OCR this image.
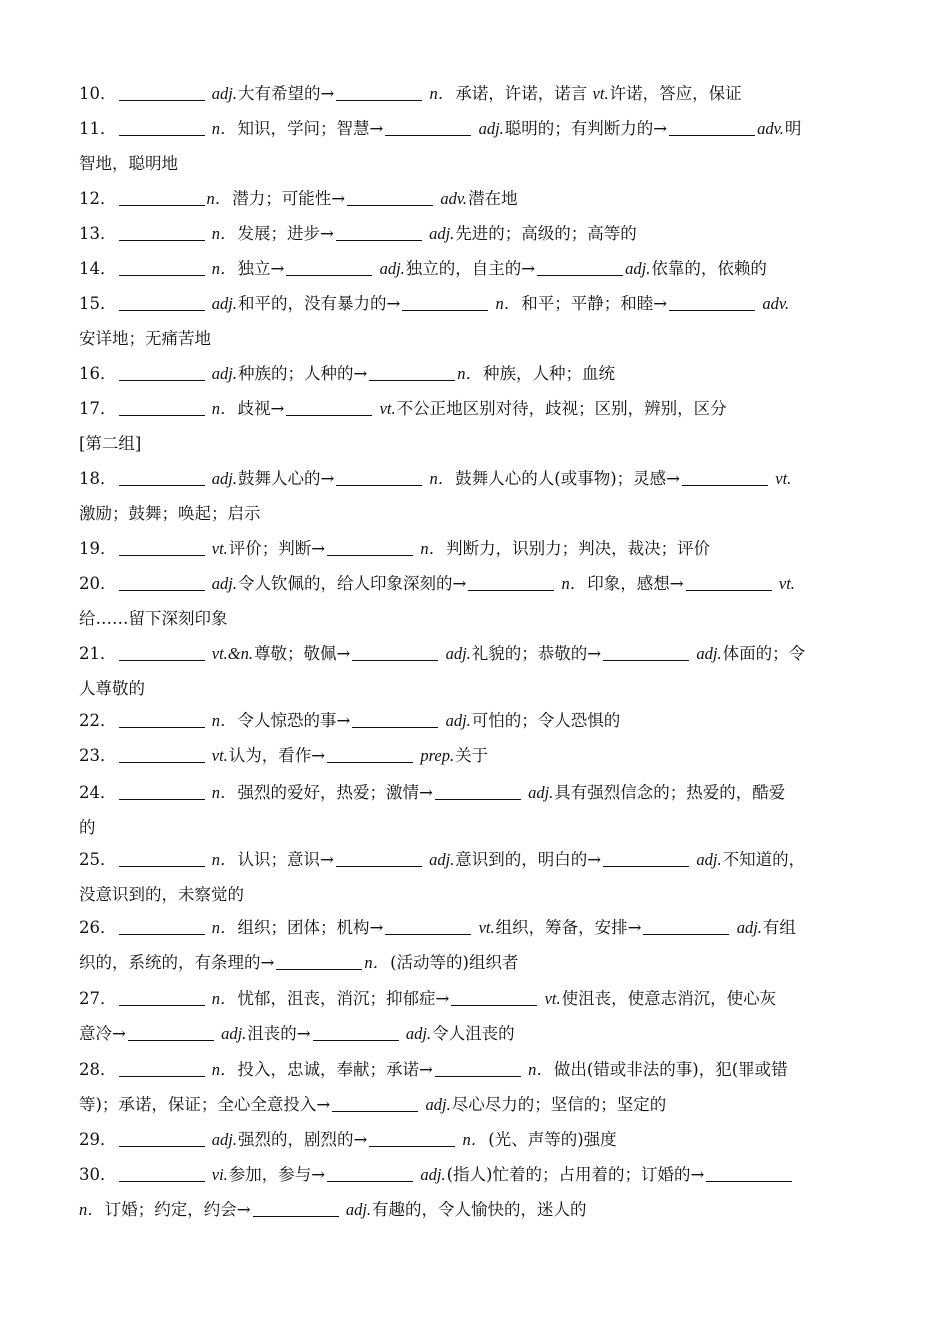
10．	adj.大有希望的→	n．承诺，许诺，诺言 vt.许诺，答应，保证
11．	n．知识，学问；智慧→	adj.聪明的；有判断力的→	adv.明
智地，聪明地
12．	n．潜力；可能性→	adv.潜在地
13．	n．发展；进步→	adj.先进的；高级的；高等的
14．	n．独立→	adj.独立的，自主的→	adj.依靠的，依赖的
15．	adj.和平的，没有暴力的→	n．和平；平静；和睦→	adv.
安详地；无痛苦地
16．	adj.种族的；人种的→	n．种族，人种；血统
17．	n．歧视→	vt.不公正地区别对待，歧视；区别，辨别，区分
[第二组]
18．	adj.鼓舞人心的→	n．鼓舞人心的人(或事物)；灵感→	vt.
激励；鼓舞；唤起；启示
19．	vt.评价；判断→	n．判断力，识别力；判决，裁决；评价
20．	adj.令人钦佩的，给人印象深刻的→	n．印象，感想→	vt.
给……留下深刻印象
21．	vt.&n.尊敬；敬佩→	adj.礼貌的；恭敬的→	adj.体面的；令
人尊敬的
22．	n．令人惊恐的事→	adj.可怕的；令人恐惧的
23．	vt.认为，看作→	prep.关于
24．	n．强烈的爱好，热爱；激情→	adj.具有强烈信念的；热爱的，酷爱
的
25．	n．认识；意识→	adj.意识到的，明白的→	adj.不知道的，
没意识到的，未察觉的
26．	n．组织；团体；机构→	vt.组织，筹备，安排→	adj.有组
织的，系统的，有条理的→	n．(活动等的)组织者
27．	n．忧郁，沮丧，消沉；抑郁症→	vt.使沮丧，使意志消沉，使心灰
意冷→	adj.沮丧的→	adj.令人沮丧的
28．	n．投入，忠诚，奉献；承诺→	n．做出(错或非法的事)，犯(罪或错
等)；承诺，保证；全心全意投入→	adj.尽心尽力的；坚信的；坚定的
29．	adj.强烈的，剧烈的→	n．(光、声等的)强度
30．	vi.参加，参与→	adj.(指人)忙着的；占用着的；订婚的→
n．订婚；约定，约会→	adj.有趣的，令人愉快的，迷人的
